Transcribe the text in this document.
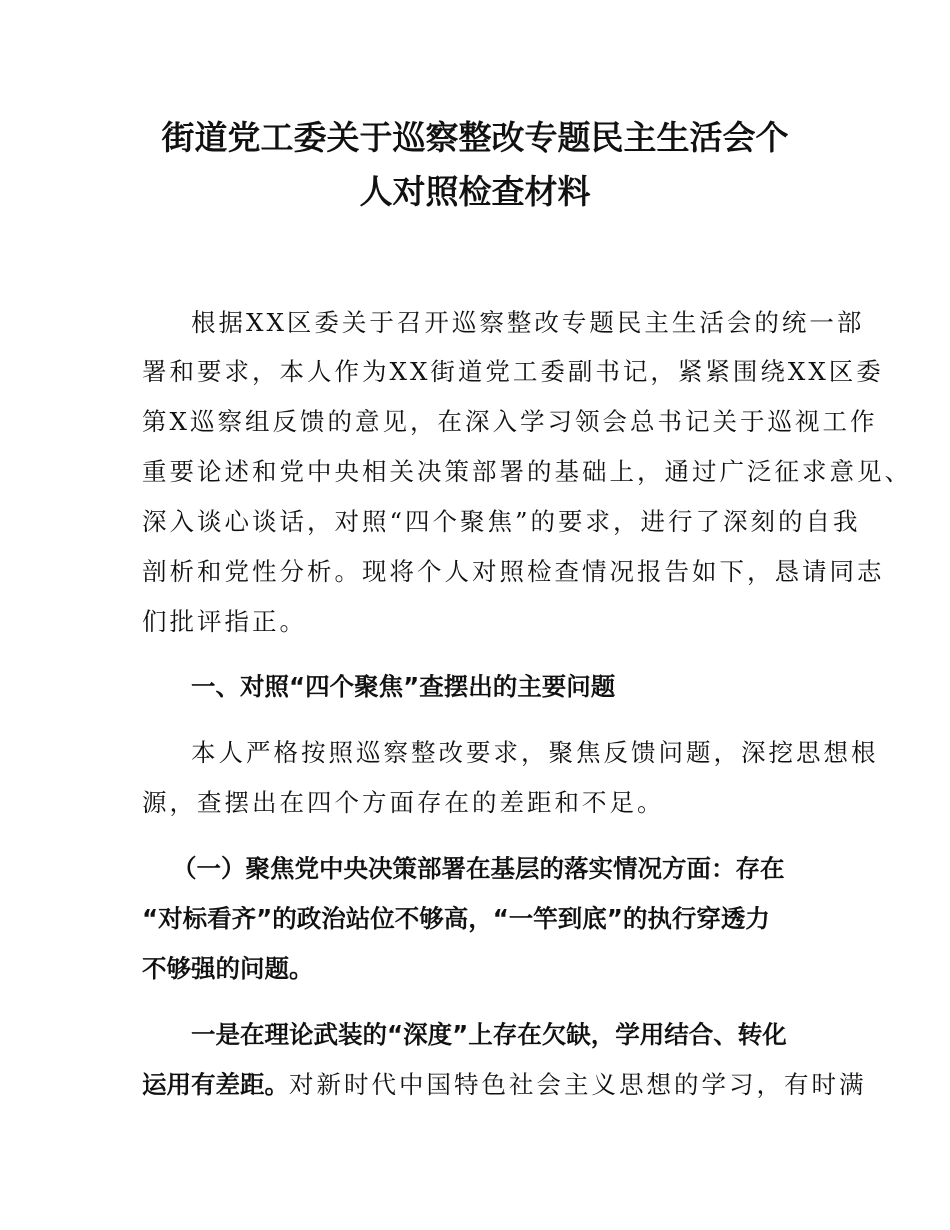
街道党工委关于巡察整改专题民主生活会个
人对照检查材料

根据XX区委关于召开巡察整改专题民主生活会的统一部

署和要求，本人作为XX街道党工委副书记，紧紧围绕XX区委

第X巡察组反馈的意见，在深入学习领会总书记关于巡视工作

重要论述和党中央相关决策部署的基础上，通过广泛征求意见、

深入谈心谈话，对照“四个聚焦”的要求，进行了深刻的自我

剖析和党性分析。现将个人对照检查情况报告如下，恳请同志

们批评指正。

一、对照“四个聚焦”查摆出的主要问题

本人严格按照巡察整改要求，聚焦反馈问题，深挖思想根

源，查摆出在四个方面存在的差距和不足。

（一）聚焦党中央决策部署在基层的落实情况方面：存在

“对标看齐”的政治站位不够高，“一竿到底”的执行穿透力

不够强的问题。

一是在理论武装的“深度”上存在欠缺，学用结合、转化

运用有差距。对新时代中国特色社会主义思想的学习，有时满
